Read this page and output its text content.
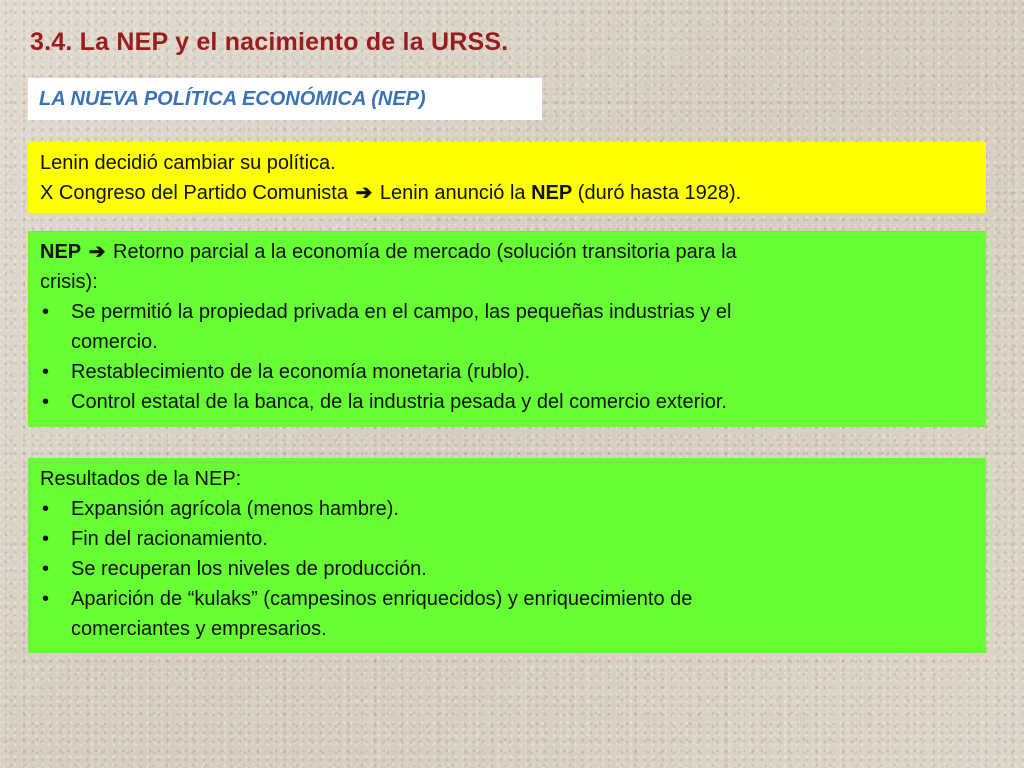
3.4. La NEP y el nacimiento de la URSS.
LA NUEVA POLÍTICA ECONÓMICA (NEP)
Lenin decidió cambiar su política.
X Congreso del Partido Comunista ➔ Lenin anunció la NEP (duró hasta 1928).
NEP ➔ Retorno parcial a la economía de mercado (solución transitoria para la
crisis):
• Se permitió la propiedad privada en el campo, las pequeñas industrias y el
comercio.
• Restablecimiento de la economía monetaria (rublo).
• Control estatal de la banca, de la industria pesada y del comercio exterior.
Resultados de la NEP:
• Expansión agrícola (menos hambre).
• Fin del racionamiento.
• Se recuperan los niveles de producción.
• Aparición de “kulaks” (campesinos enriquecidos) y enriquecimiento de
comerciantes y empresarios.
